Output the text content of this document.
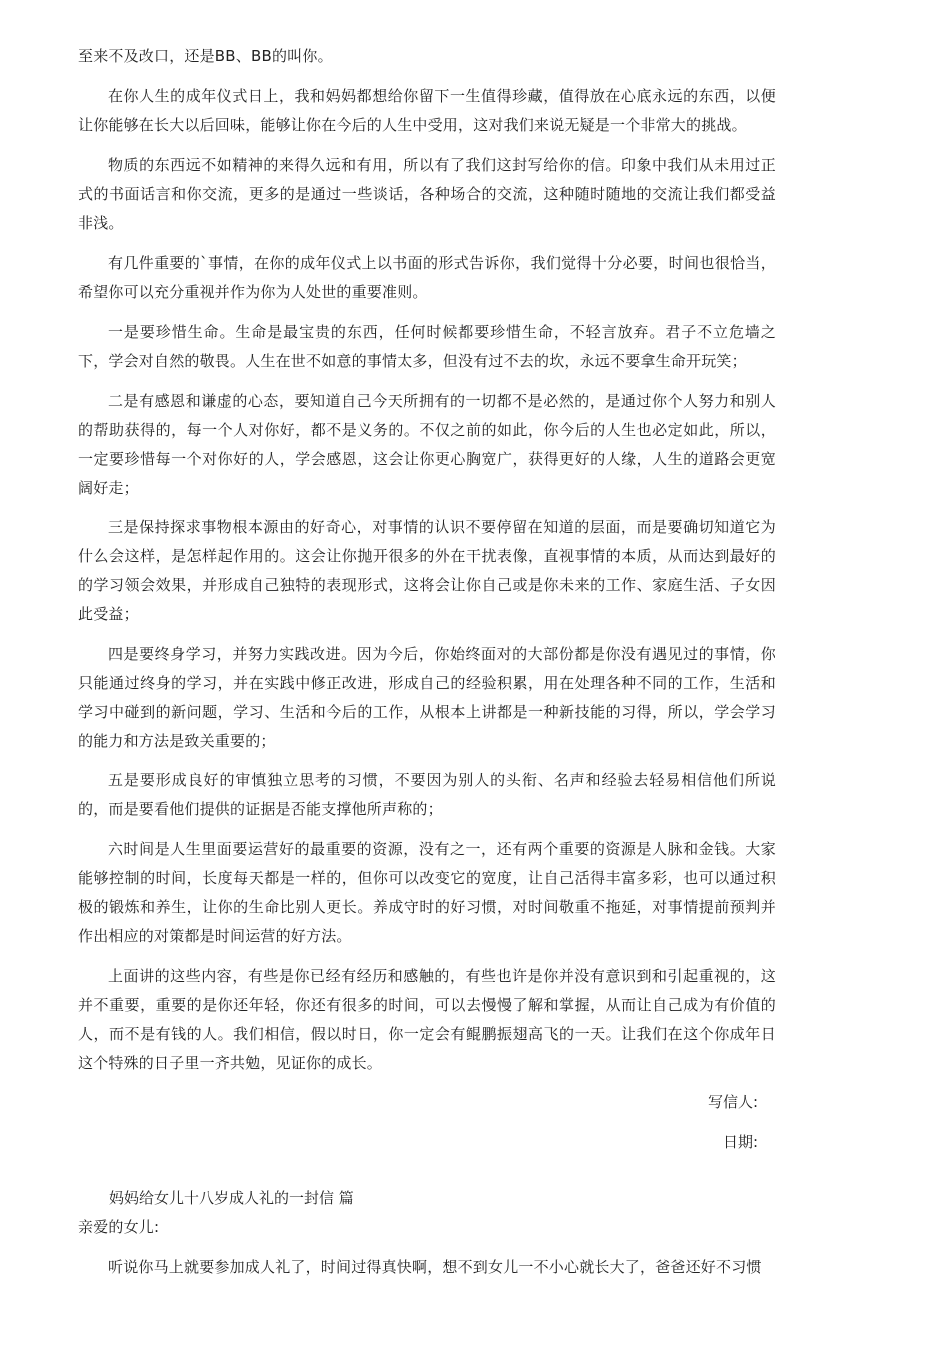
至来不及改口，还是BB、BB的叫你。

在你人生的成年仪式日上，我和妈妈都想给你留下一生值得珍藏，值得放在心底永远的东西，以便让你能够在长大以后回味，能够让你在今后的人生中受用，这对我们来说无疑是一个非常大的挑战。

物质的东西远不如精神的来得久远和有用，所以有了我们这封写给你的信。印象中我们从未用过正式的书面话言和你交流，更多的是通过一些谈话，各种场合的交流，这种随时随地的交流让我们都受益非浅。

有几件重要的`事情，在你的成年仪式上以书面的形式告诉你，我们觉得十分必要，时间也很恰当，希望你可以充分重视并作为你为人处世的重要准则。

一是要珍惜生命。生命是最宝贵的东西，任何时候都要珍惜生命，不轻言放弃。君子不立危墙之下，学会对自然的敬畏。人生在世不如意的事情太多，但没有过不去的坎，永远不要拿生命开玩笑；

二是有感恩和谦虚的心态，要知道自己今天所拥有的一切都不是必然的，是通过你个人努力和别人的帮助获得的，每一个人对你好，都不是义务的。不仅之前的如此，你今后的人生也必定如此，所以，一定要珍惜每一个对你好的人，学会感恩，这会让你更心胸宽广，获得更好的人缘，人生的道路会更宽阔好走；

三是保持探求事物根本源由的好奇心，对事情的认识不要停留在知道的层面，而是要确切知道它为什么会这样，是怎样起作用的。这会让你抛开很多的外在干扰表像，直视事情的本质，从而达到最好的的学习领会效果，并形成自己独特的表现形式，这将会让你自己或是你未来的工作、家庭生活、子女因此受益；

四是要终身学习，并努力实践改进。因为今后，你始终面对的大部份都是你没有遇见过的事情，你只能通过终身的学习，并在实践中修正改进，形成自己的经验积累，用在处理各种不同的工作，生活和学习中碰到的新问题，学习、生活和今后的工作，从根本上讲都是一种新技能的习得，所以，学会学习的能力和方法是致关重要的；

五是要形成良好的审慎独立思考的习惯，不要因为别人的头衔、名声和经验去轻易相信他们所说的，而是要看他们提供的证据是否能支撑他所声称的；

六时间是人生里面要运营好的最重要的资源，没有之一，还有两个重要的资源是人脉和金钱。大家能够控制的时间，长度每天都是一样的，但你可以改变它的宽度，让自己活得丰富多彩，也可以通过积极的锻炼和养生，让你的生命比别人更长。养成守时的好习惯，对时间敬重不拖延，对事情提前预判并作出相应的对策都是时间运营的好方法。

上面讲的这些内容，有些是你已经有经历和感触的，有些也许是你并没有意识到和引起重视的，这并不重要，重要的是你还年轻，你还有很多的时间，可以去慢慢了解和掌握，从而让自己成为有价值的人，而不是有钱的人。我们相信，假以时日，你一定会有鲲鹏振翅高飞的一天。让我们在这个你成年日这个特殊的日子里一齐共勉，见证你的成长。

写信人:
日期:
妈妈给女儿十八岁成人礼的一封信 篇
亲爱的女儿:

听说你马上就要参加成人礼了，时间过得真快啊，想不到女儿一不小心就长大了，爸爸还好不习惯
